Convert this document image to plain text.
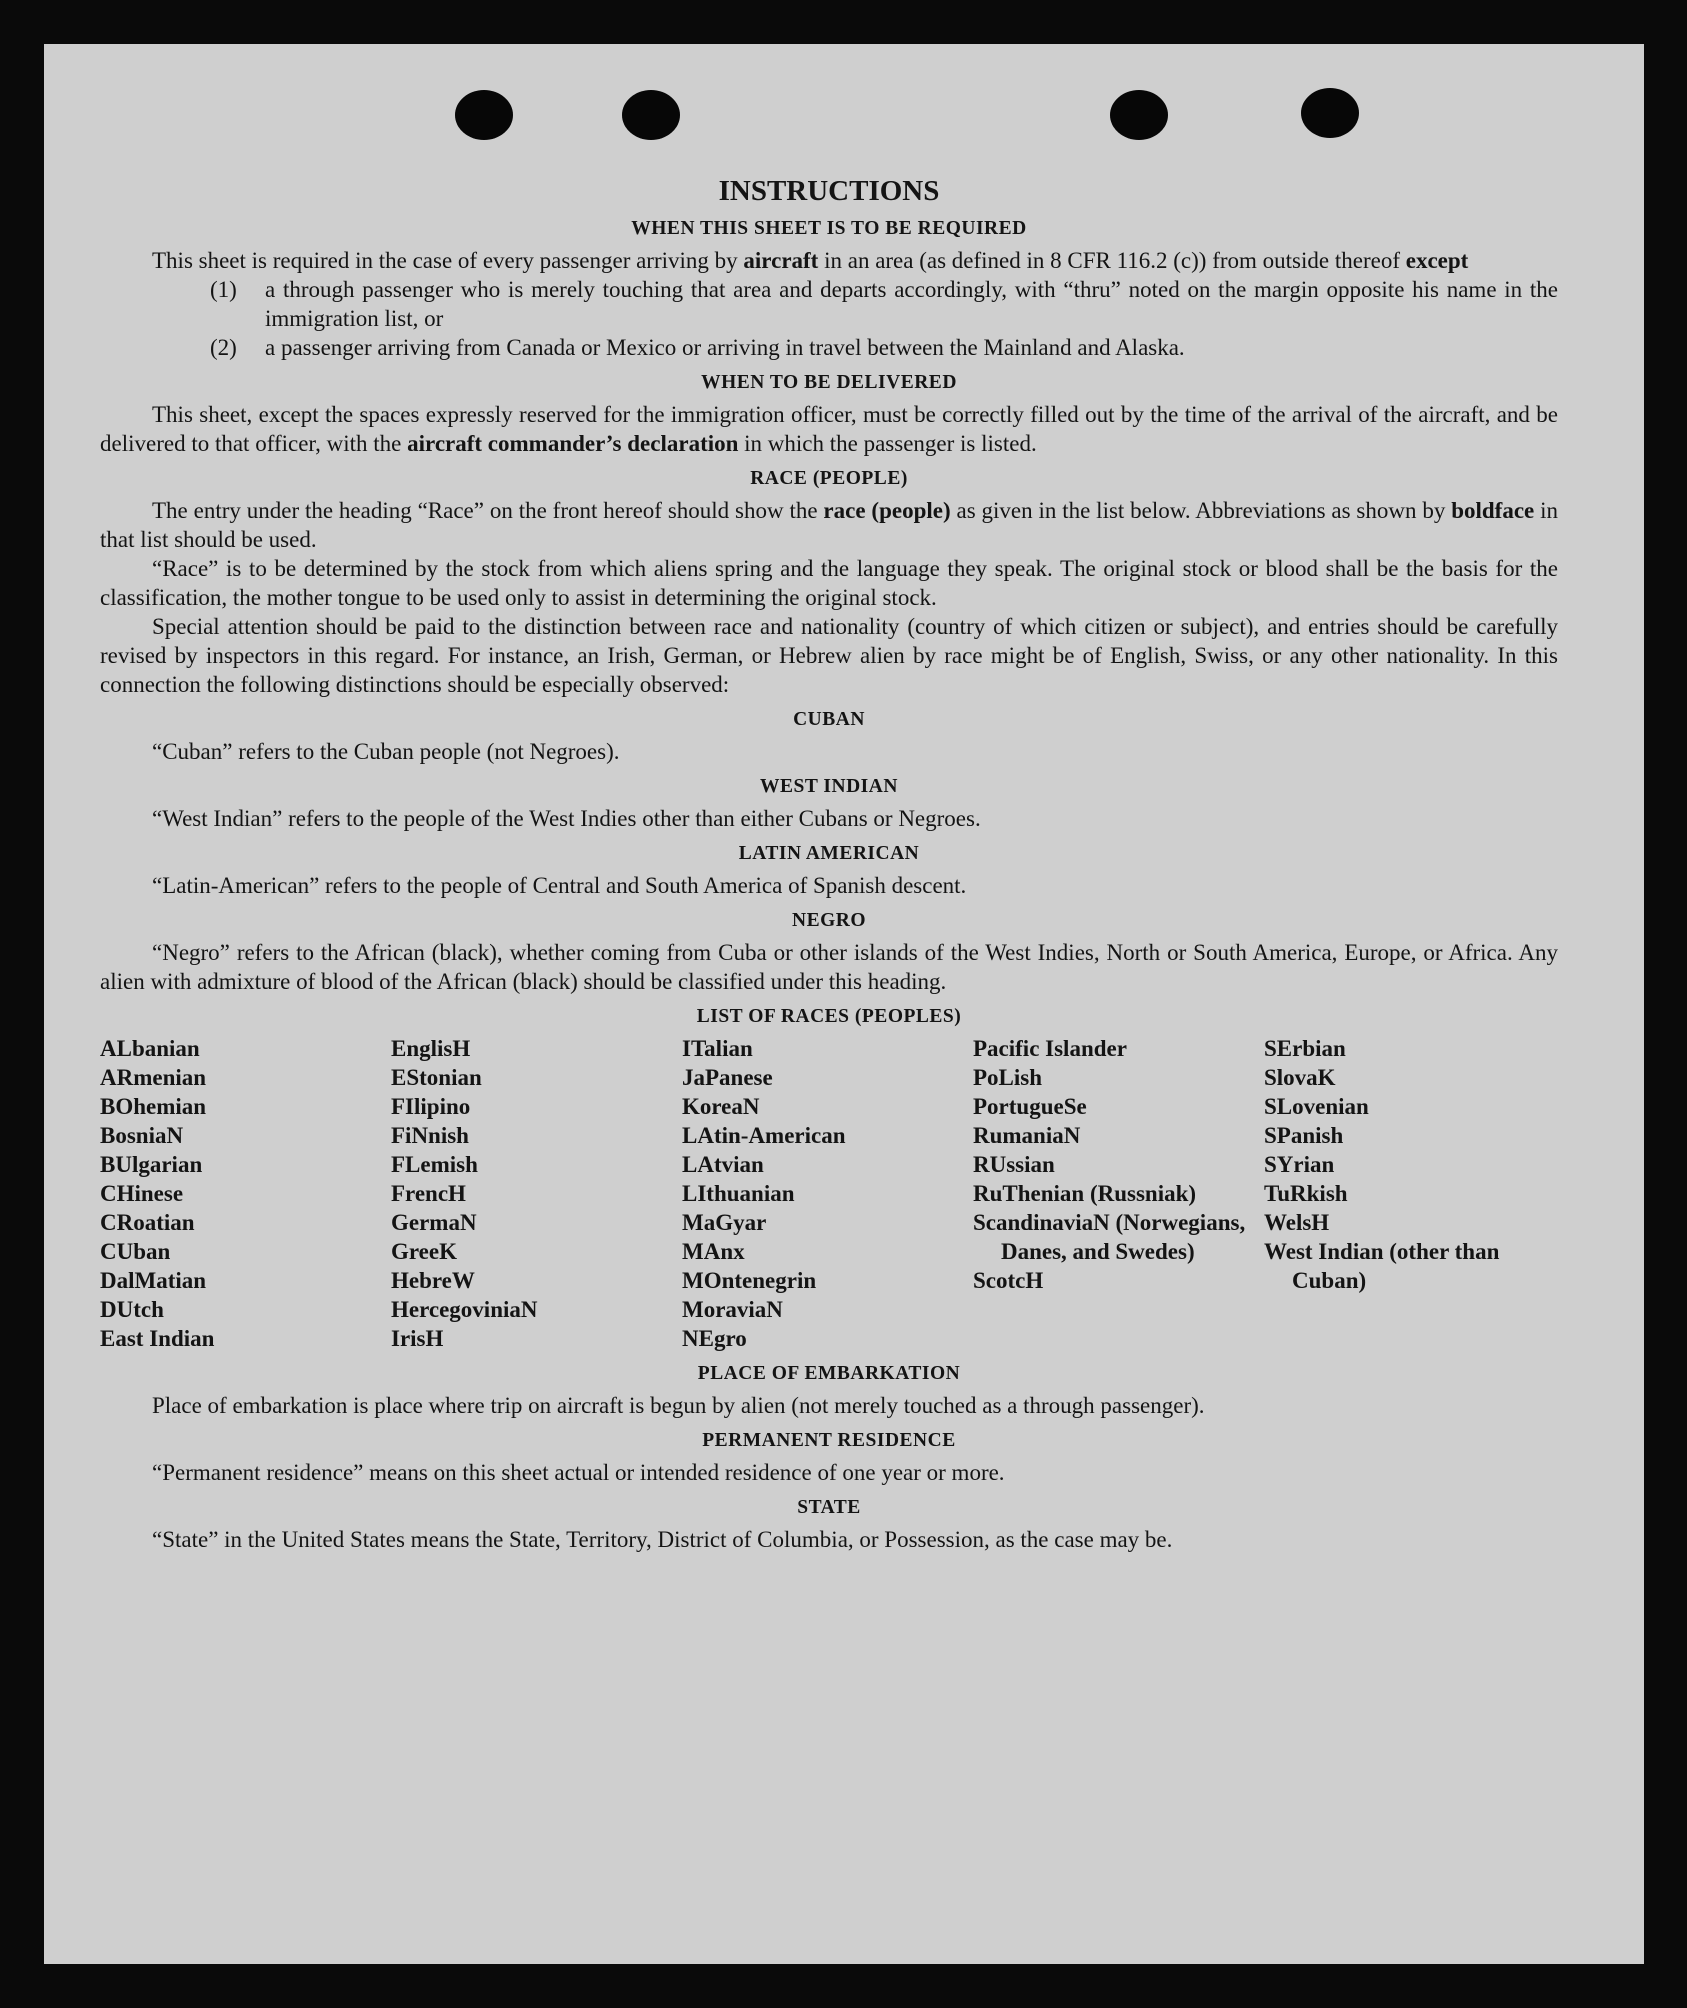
INSTRUCTIONS
WHEN THIS SHEET IS TO BE REQUIRED

This sheet is required in the case of every passenger arriving by aircraft in an area (as defined in 8 CFR 116.2 (c)) from outside thereof except

(1)	a through passenger who is merely touching that area and departs accordingly, with “thru” noted on the margin opposite his name in the immigration list, or
(2)	a passenger arriving from Canada or Mexico or arriving in travel between the Mainland and Alaska.
WHEN TO BE DELIVERED

This sheet, except the spaces expressly reserved for the immigration officer, must be correctly filled out by the time of the arrival of the aircraft, and be delivered to that officer, with the aircraft commander’s declaration in which the passenger is listed.

RACE (PEOPLE)

The entry under the heading “Race” on the front hereof should show the race (people) as given in the list below. Abbreviations as shown by boldface in that list should be used.

“Race” is to be determined by the stock from which aliens spring and the language they speak. The original stock or blood shall be the basis for the classification, the mother tongue to be used only to assist in determining the original stock.

Special attention should be paid to the distinction between race and nationality (country of which citizen or subject), and entries should be carefully revised by inspectors in this regard. For instance, an Irish, German, or Hebrew alien by race might be of English, Swiss, or any other nationality. In this connection the following distinctions should be especially observed:

CUBAN

“Cuban” refers to the Cuban people (not Negroes).

WEST INDIAN

“West Indian” refers to the people of the West Indies other than either Cubans or Negroes.

LATIN AMERICAN

“Latin-American” refers to the people of Central and South America of Spanish descent.

NEGRO

“Negro” refers to the African (black), whether coming from Cuba or other islands of the West Indies, North or South America, Europe, or Africa. Any alien with admixture of blood of the African (black) should be classified under this heading.

LIST OF RACES (PEOPLES)
ALbanian
ARmenian
BOhemian
BosniaN
BUlgarian
CHinese
CRoatian
CUban
DalMatian
DUtch
East Indian
EnglisH
EStonian
FIlipino
FiNnish
FLemish
FrencH
GermaN
GreeK
HebreW
HercegoviniaN
IrisH
ITalian
JaPanese
KoreaN
LAtin-American
LAtvian
LIthuanian
MaGyar
MAnx
MOntenegrin
MoraviaN
NEgro
Pacific Islander
PoLish
PortugueSe
RumaniaN
RUssian
RuThenian (Russniak)
ScandinaviaN (Norwegians, Danes, and Swedes)
ScotcH
SErbian
SlovaK
SLovenian
SPanish
SYrian
TuRkish
WelsH
West Indian (other than Cuban)
PLACE OF EMBARKATION

Place of embarkation is place where trip on aircraft is begun by alien (not merely touched as a through passenger).

PERMANENT RESIDENCE

“Permanent residence” means on this sheet actual or intended residence of one year or more.

STATE

“State” in the United States means the State, Territory, District of Columbia, or Possession, as the case may be.
